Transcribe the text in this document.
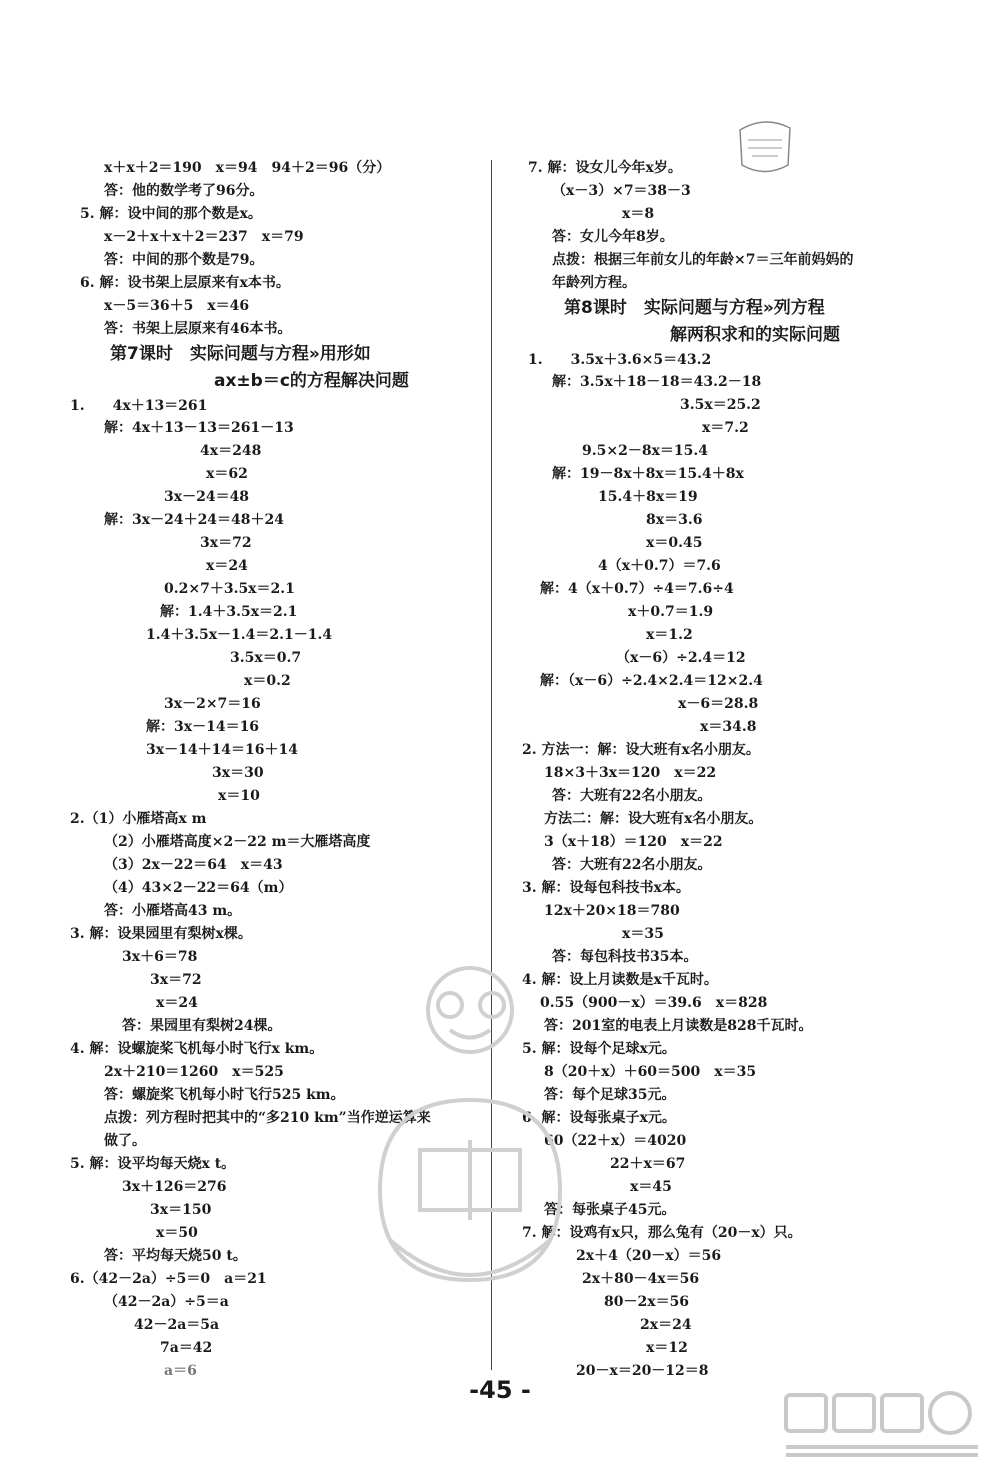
x＋x＋2＝190　x＝94　94＋2＝96（分）
答：他的数学考了96分。
5. 解：设中间的那个数是x。
x－2＋x＋x＋2＝237　x＝79
答：中间的那个数是79。
6. 解：设书架上层原来有x本书。
x－5＝36＋5　x＝46
答：书架上层原来有46本书。
第7课时　实际问题与方程»用形如
ax±b＝c的方程解决问题
1.　　4x＋13＝261
解：4x＋13－13＝261－13
4x＝248
x＝62
3x－24＝48
解：3x－24＋24＝48＋24
3x＝72
x＝24
0.2×7＋3.5x＝2.1
解：1.4＋3.5x＝2.1
1.4＋3.5x－1.4＝2.1－1.4
3.5x＝0.7
x＝0.2
3x－2×7＝16
解：3x－14＝16
3x－14＋14＝16＋14
3x＝30
x＝10
2.（1）小雁塔高x m
（2）小雁塔高度×2－22 m＝大雁塔高度
（3）2x－22＝64　x＝43
（4）43×2－22＝64（m）
答：小雁塔高43 m。
3. 解：设果园里有梨树x棵。
3x＋6＝78
3x＝72
x＝24
答：果园里有梨树24棵。
4. 解：设螺旋桨飞机每小时飞行x km。
2x＋210＝1260　x＝525
答：螺旋桨飞机每小时飞行525 km。
点拨：列方程时把其中的“多210 km”当作逆运算来
做了。
5. 解：设平均每天烧x t。
3x＋126＝276
3x＝150
x＝50
答：平均每天烧50 t。
6.（42－2a）÷5＝0　a＝21
（42－2a）÷5＝a
42－2a＝5a
7a＝42
a＝6
7. 解：设女儿今年x岁。
（x－3）×7＝38－3
x＝8
答：女儿今年8岁。
点拨：根据三年前女儿的年龄×7＝三年前妈妈的
年龄列方程。
第8课时　实际问题与方程»列方程
解两积求和的实际问题
1.　　3.5x＋3.6×5＝43.2
解：3.5x＋18－18＝43.2－18
3.5x＝25.2
x＝7.2
9.5×2－8x＝15.4
解：19－8x＋8x＝15.4＋8x
15.4＋8x＝19
8x＝3.6
x＝0.45
4（x＋0.7）＝7.6
解：4（x＋0.7）÷4＝7.6÷4
x＋0.7＝1.9
x＝1.2
（x－6）÷2.4＝12
解：（x－6）÷2.4×2.4＝12×2.4
x－6＝28.8
x＝34.8
2. 方法一：解：设大班有x名小朋友。
18×3＋3x＝120　x＝22
答：大班有22名小朋友。
方法二：解：设大班有x名小朋友。
3（x＋18）＝120　x＝22
答：大班有22名小朋友。
3. 解：设每包科技书x本。
12x＋20×18＝780
x＝35
答：每包科技书35本。
4. 解：设上月读数是x千瓦时。
0.55（900－x）＝39.6　x＝828
答：201室的电表上月读数是828千瓦时。
5. 解：设每个足球x元。
8（20＋x）＋60＝500　x＝35
答：每个足球35元。
6. 解：设每张桌子x元。
60（22＋x）＝4020
22＋x＝67
x＝45
答：每张桌子45元。
7. 解：设鸡有x只，那么兔有（20－x）只。
2x＋4（20－x）＝56
2x＋80－4x＝56
80－2x＝56
2x＝24
x＝12
20－x＝20－12＝8
-45 -
